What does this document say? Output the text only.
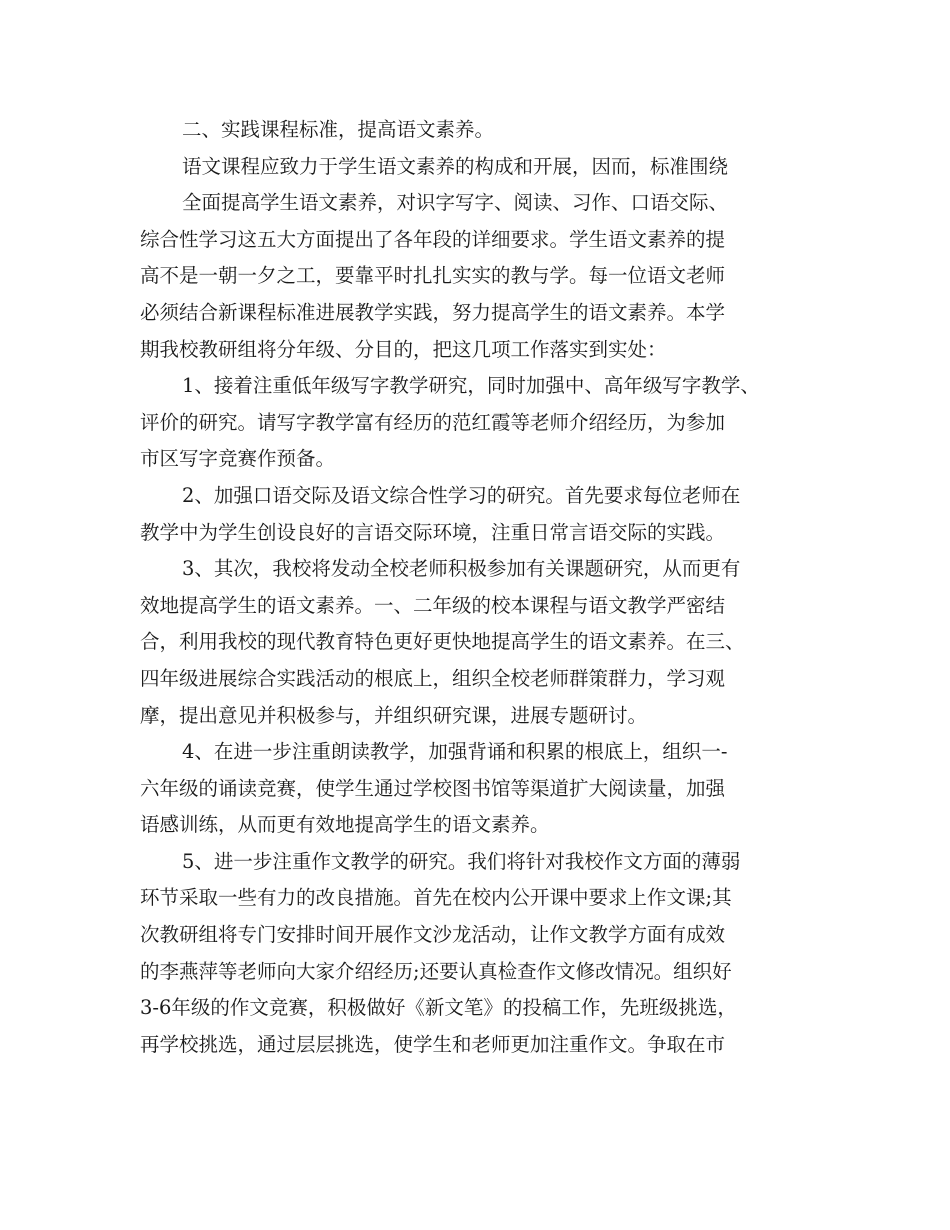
二、实践课程标准，提高语文素养。
语文课程应致力于学生语文素养的构成和开展，因而，标准围绕
全面提高学生语文素养，对识字写字、阅读、习作、口语交际、
综合性学习这五大方面提出了各年段的详细要求。学生语文素养的提
高不是一朝一夕之工，要靠平时扎扎实实的教与学。每一位语文老师
必须结合新课程标准进展教学实践，努力提高学生的语文素养。本学
期我校教研组将分年级、分目的，把这几项工作落实到实处：
1、接着注重低年级写字教学研究，同时加强中、高年级写字教学、
评价的研究。请写字教学富有经历的范红霞等老师介绍经历，为参加
市区写字竞赛作预备。
2、加强口语交际及语文综合性学习的研究。首先要求每位老师在
教学中为学生创设良好的言语交际环境，注重日常言语交际的实践。
3、其次，我校将发动全校老师积极参加有关课题研究，从而更有
效地提高学生的语文素养。一、二年级的校本课程与语文教学严密结
合，利用我校的现代教育特色更好更快地提高学生的语文素养。在三、
四年级进展综合实践活动的根底上，组织全校老师群策群力，学习观
摩，提出意见并积极参与，并组织研究课，进展专题研讨。
4、在进一步注重朗读教学，加强背诵和积累的根底上，组织一-
六年级的诵读竞赛，使学生通过学校图书馆等渠道扩大阅读量，加强
语感训练，从而更有效地提高学生的语文素养。
5、进一步注重作文教学的研究。我们将针对我校作文方面的薄弱
环节采取一些有力的改良措施。首先在校内公开课中要求上作文课;其
次教研组将专门安排时间开展作文沙龙活动，让作文教学方面有成效
的李燕萍等老师向大家介绍经历;还要认真检查作文修改情况。组织好
3-6年级的作文竞赛，积极做好《新文笔》的投稿工作，先班级挑选，
再学校挑选，通过层层挑选，使学生和老师更加注重作文。争取在市
